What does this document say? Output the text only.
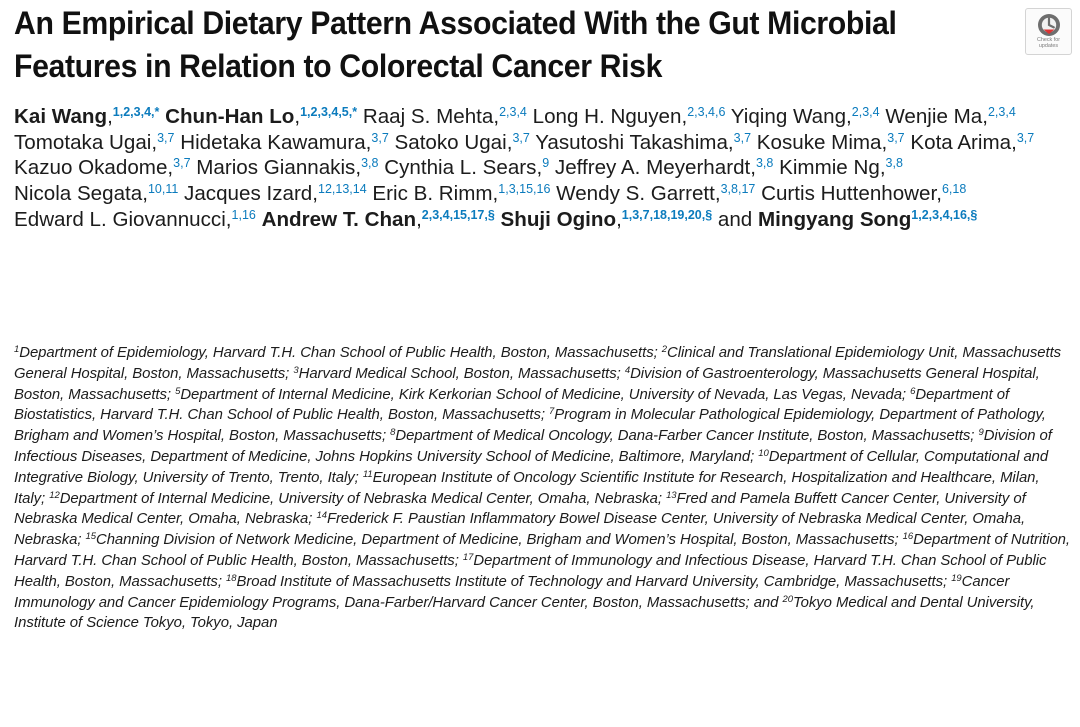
An Empirical Dietary Pattern Associated With the Gut Microbial Features in Relation to Colorectal Cancer Risk
Check for
updates
Kai Wang,$^{1,2,3,4,*}$ Chun-Han Lo,$^{1,2,3,4,5,*}$ Raaj S. Mehta,$^{2,3,4}$ Long H. Nguyen,$^{2,3,4,6}$ Yiqing Wang,$^{2,3,4}$ Wenjie Ma,$^{2,3,4}$ Tomotaka Ugai,$^{3,7}$ Hidetaka Kawamura,$^{3,7}$ Satoko Ugai,$^{3,7}$ Yasutoshi Takashima,$^{3,7}$ Kosuke Mima,$^{3,7}$ Kota Arima,$^{3,7}$ Kazuo Okadome,$^{3,7}$ Marios Giannakis,$^{3,8}$ Cynthia L. Sears,$^9$ Jeffrey A. Meyerhardt,$^{3,8}$ Kimmie Ng,$^{3,8}$ Nicola Segata,$^{10,11}$ Jacques Izard,$^{12,13,14}$ Eric B. Rimm,$^{1,3,15,16}$ Wendy S. Garrett,$^{3,8,17}$ Curtis Huttenhower,$^{6,18}$ Edward L. Giovannucci,$^{1,16}$ Andrew T. Chan,$^{2,3,4,15,17,\S}$ Shuji Ogino,$^{1,3,7,18,19,20,\S}$ and Mingyang Song$^{1,2,3,4,16,\S}$
$^1$Department of Epidemiology, Harvard T.H. Chan School of Public Health, Boston, Massachusetts; $^2$Clinical and Translational Epidemiology Unit, Massachusetts General Hospital, Boston, Massachusetts; $^3$Harvard Medical School, Boston, Massachusetts; $^4$Division of Gastroenterology, Massachusetts General Hospital, Boston, Massachusetts; $^5$Department of Internal Medicine, Kirk Kerkorian School of Medicine, University of Nevada, Las Vegas, Nevada; $^6$Department of Biostatistics, Harvard T.H. Chan School of Public Health, Boston, Massachusetts; $^7$Program in Molecular Pathological Epidemiology, Department of Pathology, Brigham and Women’s Hospital, Boston, Massachusetts; $^8$Department of Medical Oncology, Dana-Farber Cancer Institute, Boston, Massachusetts; $^9$Division of Infectious Diseases, Department of Medicine, Johns Hopkins University School of Medicine, Baltimore, Maryland; $^{10}$Department of Cellular, Computational and Integrative Biology, University of Trento, Trento, Italy; $^{11}$European Institute of Oncology Scientific Institute for Research, Hospitalization and Healthcare, Milan, Italy; $^{12}$Department of Internal Medicine, University of Nebraska Medical Center, Omaha, Nebraska; $^{13}$Fred and Pamela Buffett Cancer Center, University of Nebraska Medical Center, Omaha, Nebraska; $^{14}$Frederick F. Paustian Inflammatory Bowel Disease Center, University of Nebraska Medical Center, Omaha, Nebraska; $^{15}$Channing Division of Network Medicine, Department of Medicine, Brigham and Women’s Hospital, Boston, Massachusetts; $^{16}$Department of Nutrition, Harvard T.H. Chan School of Public Health, Boston, Massachusetts; $^{17}$Department of Immunology and Infectious Disease, Harvard T.H. Chan School of Public Health, Boston, Massachusetts; $^{18}$Broad Institute of Massachusetts Institute of Technology and Harvard University, Cambridge, Massachusetts; $^{19}$Cancer Immunology and Cancer Epidemiology Programs, Dana-Farber/Harvard Cancer Center, Boston, Massachusetts; and $^{20}$Tokyo Medical and Dental University, Institute of Science Tokyo, Tokyo, Japan
